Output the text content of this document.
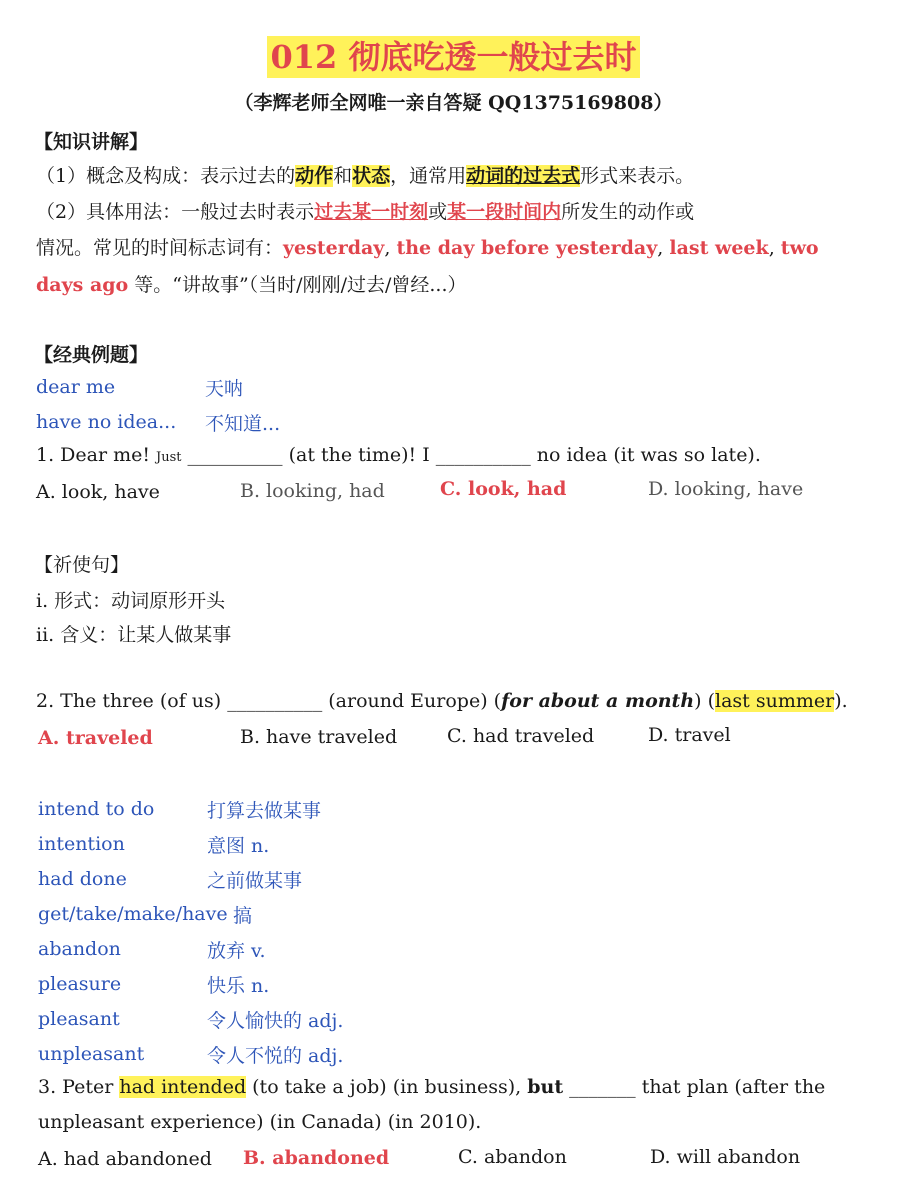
012 彻底吃透一般过去时
（李辉老师全网唯一亲自答疑 QQ1375169808）
【知识讲解】
（1）概念及构成：表示过去的动作和状态，通常用动词的过去式形式来表示。
（2）具体用法：一般过去时表示过去某一时刻或某一段时间内所发生的动作或
情况。常见的时间标志词有：yesterday, the day before yesterday, last week, two
days ago 等。“讲故事”（当时/刚刚/过去/曾经...）
【经典例题】
dear me	天呐
have no idea... 不知道...
1. Dear me! Just __________ (at the time)! I __________ no idea (it was so late).
A. look, have	B. looking, had	C. look, had	D. looking, have
【祈使句】
i. 形式：动词原形开头
ii. 含义：让某人做某事
2. The three (of us) __________ (around Europe) (for about a month) (last summer).
A. traveled	B. have traveled	C. had traveled	D. travel
intend to do	打算去做某事
intention	意图 n.
had done	之前做某事
get/take/make/have 搞
abandon	放弃 v.
pleasure	快乐 n.
pleasant	令人愉快的 adj.
unpleasant	令人不悦的 adj.
3. Peter had intended (to take a job) (in business), but _______ that plan (after the
unpleasant experience) (in Canada) (in 2010).
A. had abandoned B. abandoned	C. abandon	D. will abandon
